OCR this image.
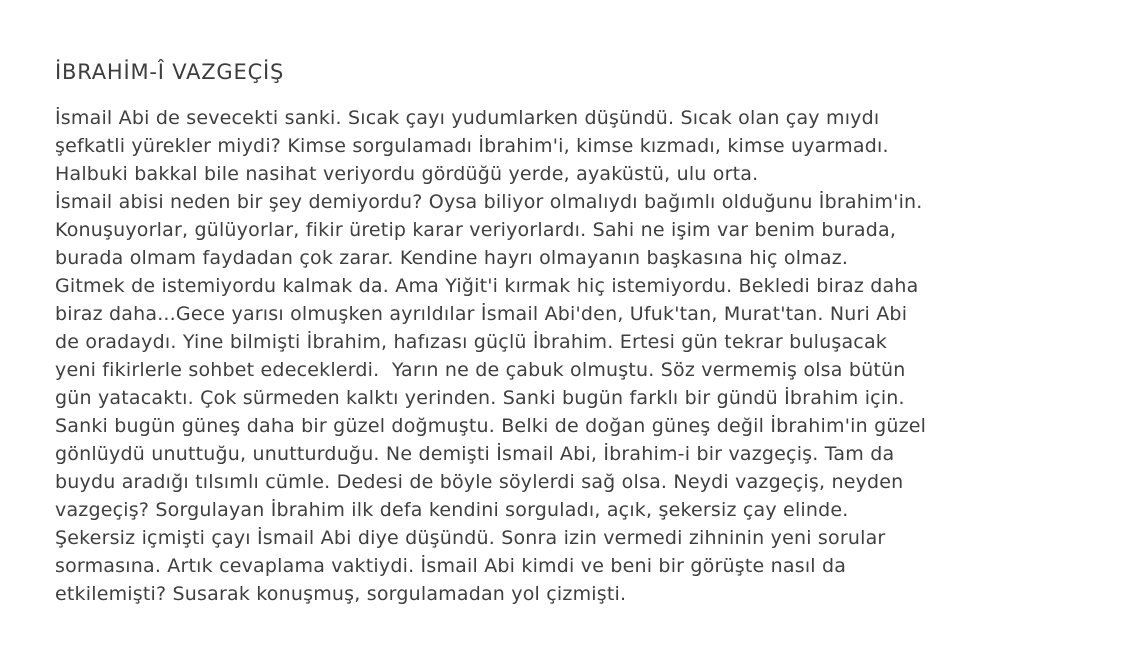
İBRAHİM-Î VAZGEÇİŞ
İsmail Abi de sevecekti sanki. Sıcak çayı yudumlarken düşündü. Sıcak olan çay mıydı
şefkatli yürekler miydi? Kimse sorgulamadı İbrahim'i, kimse kızmadı, kimse uyarmadı.
Halbuki bakkal bile nasihat veriyordu gördüğü yerde, ayaküstü, ulu orta.
İsmail abisi neden bir şey demiyordu? Oysa biliyor olmalıydı bağımlı olduğunu İbrahim'in.
Konuşuyorlar, gülüyorlar, fikir üretip karar veriyorlardı. Sahi ne işim var benim burada,
burada olmam faydadan çok zarar. Kendine hayrı olmayanın başkasına hiç olmaz.
Gitmek de istemiyordu kalmak da. Ama Yiğit'i kırmak hiç istemiyordu. Bekledi biraz daha
biraz daha...Gece yarısı olmuşken ayrıldılar İsmail Abi'den, Ufuk'tan, Murat'tan. Nuri Abi
de oradaydı. Yine bilmişti İbrahim, hafızası güçlü İbrahim. Ertesi gün tekrar buluşacak
yeni fikirlerle sohbet edeceklerdi.  Yarın ne de çabuk olmuştu. Söz vermemiş olsa bütün
gün yatacaktı. Çok sürmeden kalktı yerinden. Sanki bugün farklı bir gündü İbrahim için.
Sanki bugün güneş daha bir güzel doğmuştu. Belki de doğan güneş değil İbrahim'in güzel
gönlüydü unuttuğu, unutturduğu. Ne demişti İsmail Abi, İbrahim-i bir vazgeçiş. Tam da
buydu aradığı tılsımlı cümle. Dedesi de böyle söylerdi sağ olsa. Neydi vazgeçiş, neyden
vazgeçiş? Sorgulayan İbrahim ilk defa kendini sorguladı, açık, şekersiz çay elinde.
Şekersiz içmişti çayı İsmail Abi diye düşündü. Sonra izin vermedi zihninin yeni sorular
sormasına. Artık cevaplama vaktiydi. İsmail Abi kimdi ve beni bir görüşte nasıl da
etkilemişti? Susarak konuşmuş, sorgulamadan yol çizmişti.
